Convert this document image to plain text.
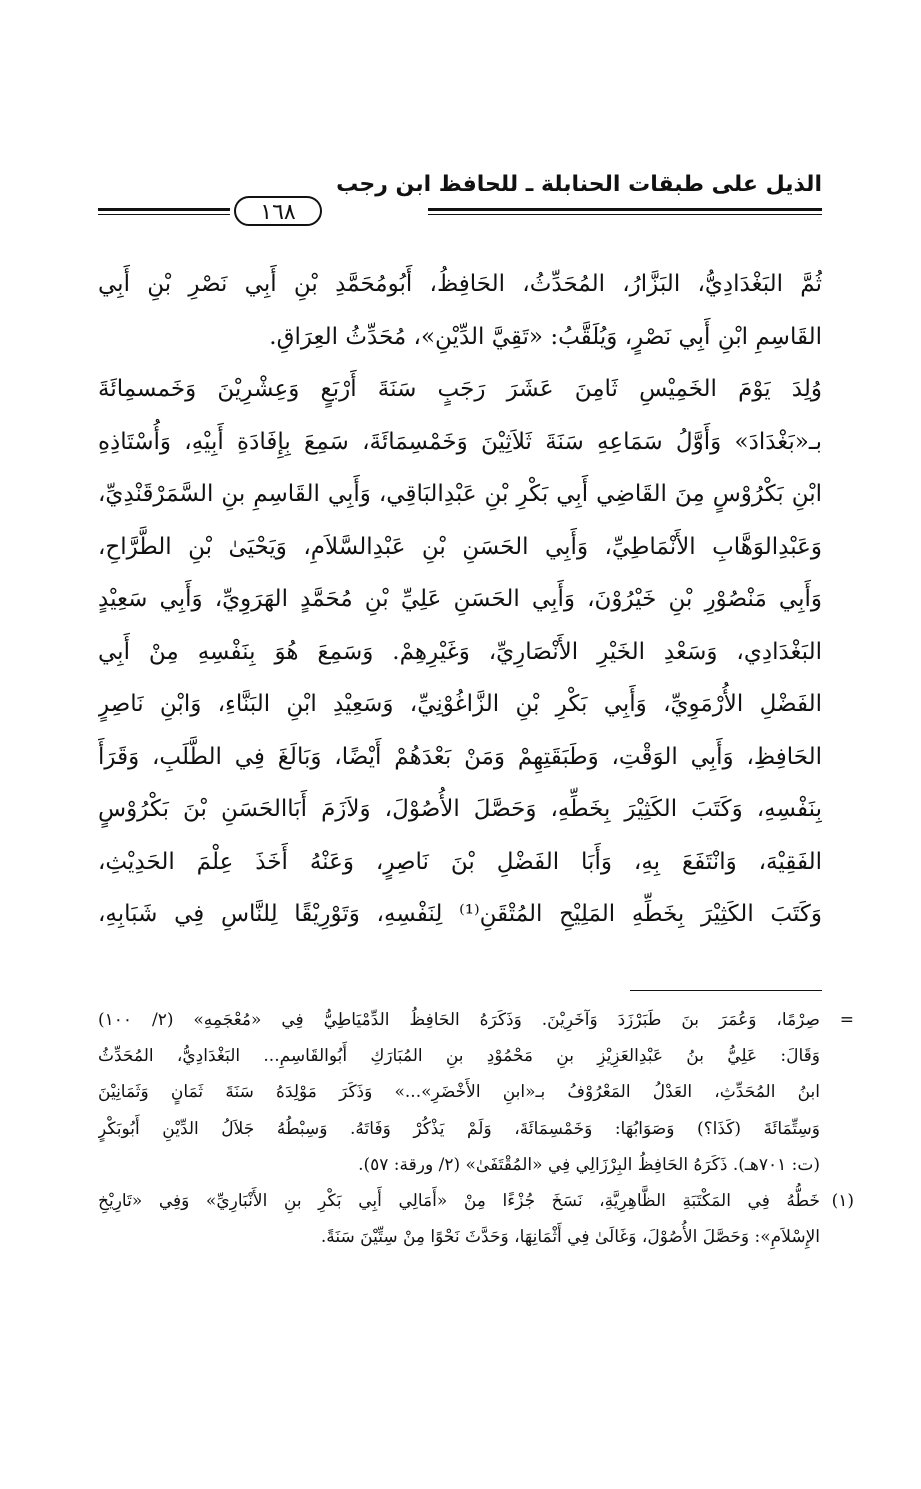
الذيل على طبقات الحنابلة ـ للحافظ ابن رجب
١٦٨
ثُمَّ البَغْدَادِيُّ، البَزَّارُ، المُحَدِّثُ، الحَافِظُ، أَبُومُحَمَّدِ بْنِ أَبِي نَصْرِ بْنِ أَبِي
القَاسِمِ ابْنِ أَبِي نَصْرٍ، وَيُلَقَّبُ: «تَقِيَّ الدِّيْنِ»، مُحَدِّثُ العِرَاقِ.
وُلِدَ يَوْمَ الخَمِيْسِ ثَامِنَ عَشَرَ رَجَبٍ سَنَةَ أَرْبَعٍ وَعِشْرِيْنَ وَخَمسمِائَةَ
بـ«بَغْدَادَ» وَأَوَّلُ سَمَاعِهِ سَنَةَ ثَلاَثِيْنَ وَخَمْسِمَائَةَ، سَمِعَ بِإِفَادَةِ أَبِيْهِ، وَأُسْتَاذِهِ
ابْنِ بَكْرُوْسٍ مِنَ القَاضِي أَبِي بَكْرِ بْنِ عَبْدِالبَاقِي، وَأَبِي القَاسِمِ بنِ السَّمَرْقَنْدِيِّ،
وَعَبْدِالوَهَّابِ الأَنْمَاطِيِّ، وَأَبِي الحَسَنِ بْنِ عَبْدِالسَّلاَمِ، وَيَحْيَىٰ بْنِ الطَّرَّاحِ،
وَأَبِي مَنْصُوْرِ بْنِ خَيْرُوْنَ، وَأَبِي الحَسَنِ عَلِيِّ بْنِ مُحَمَّدٍ الهَرَوِيِّ، وَأَبِي سَعِيْدٍ
البَغْدَادِي، وَسَعْدِ الخَيْرِ الأَنْصَارِيِّ، وَغَيْرِهِمْ. وَسَمِعَ هُوَ بِنَفْسِهِ مِنْ أَبِي
الفَضْلِ الأُرْمَوِيِّ، وَأَبِي بَكْرِ بْنِ الزَّاغُوْنِيِّ، وَسَعِيْدِ ابْنِ البَنَّاءِ، وَابْنِ نَاصِرٍ
الحَافِظِ، وَأَبِي الوَقْتِ، وَطَبَقَتِهِمْ وَمَنْ بَعْدَهُمْ أَيْضًا، وَبَالَغَ فِي الطَّلَبِ، وَقَرَأَ
بِنَفْسِهِ، وَكَتَبَ الكَثِيْرَ بِخَطِّهِ، وَحَصَّلَ الأُصُوْلَ، وَلاَزَمَ أَبَاالحَسَنِ بْنَ بَكْرُوْسٍ
الفَقِيْهَ، وَانْتَفَعَ بِهِ، وَأَبَا الفَضْلِ بْنَ نَاصِرٍ، وَعَنْهُ أَخَذَ عِلْمَ الحَدِيْثِ،
وَكَتَبَ الكَثِيْرَ بِخَطِّهِ المَلِيْحِ المُتْقَنِ⁽¹⁾ لِنَفْسِهِ، وَتَوْرِيْقًا لِلنَّاسِ فِي شَبَابِهِ،
=
صِرْمًا، وَعُمَرَ بنَ طَبَرْزَدَ وَآخَرِيْنَ. وَذَكَرَهُ الحَافِظُ الدِّمْيَاطِيُّ فِي «مُعْجَمِهِ» (٢/ ١٠٠)
وَقَالَ: عَلِيُّ بنُ عَبْدِالعَزِيْزِ بنِ مَحْمُوْدِ بنِ المُبَارَكِ أَبُوالقَاسِمِ... البَغْدَادِيُّ، المُحَدِّثُ
ابنُ المُحَدِّثِ، العَدْلُ المَعْرُوْفُ بـ«ابنِ الأَخْضَرِ»...» وَذَكَرَ مَوْلِدَهُ سَنَةَ ثَمَانٍ وَثَمَانِيْنَ
وَسِتِّمَائَةَ (كَذَا؟) وَصَوَابُهَا: وَخَمْسِمَائَةَ، وَلَمْ يَذْكُرْ وَفَاتَهُ. وَسِبْطُهُ جَلاَلُ الدِّيْنِ أَبُوبَكْرٍ
(ت: ٧٠١هـ). ذَكَرَهُ الحَافِظُ البِرْزَالِي فِي «المُقْتَفَىٰ» (٢/ ورقة: ٥٧).
(١)
خَطُّهُ فِي المَكْتَبَةِ الظَّاهِرِيَّةِ، نَسَخَ جُزْءًا مِنْ «أَمَالِي أَبِي بَكْرِ بنِ الأَنْبَارِيِّ» وَفِي «تَارِيْخِ
الإِسْلاَمِ»: وَحَصَّلَ الأُصُوْلَ، وَغَالَىٰ فِي أَثْمَانِهَا، وَحَدَّثَ نَحْوًا مِنْ سِتِّيْنَ سَنَةً.
